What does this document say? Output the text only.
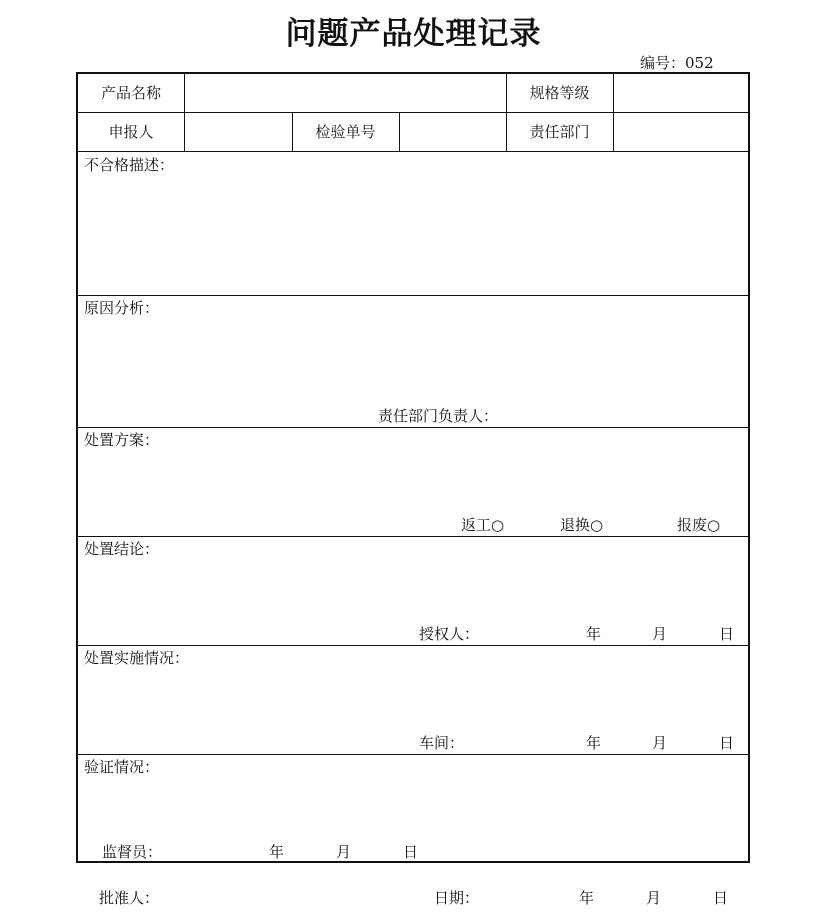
问题产品处理记录
编号：052
产品名称	规格等级
申报人	检验单号	责任部门
不合格描述：
原因分析：
责任部门负责人：
处置方案：
返工○	退换○	报废○
处置结论：
授权人：	年	月	日
处置实施情况：
车间：	年	月	日
验证情况：
监督员：	年	月	日
批准人：	日期：	年	月	日
